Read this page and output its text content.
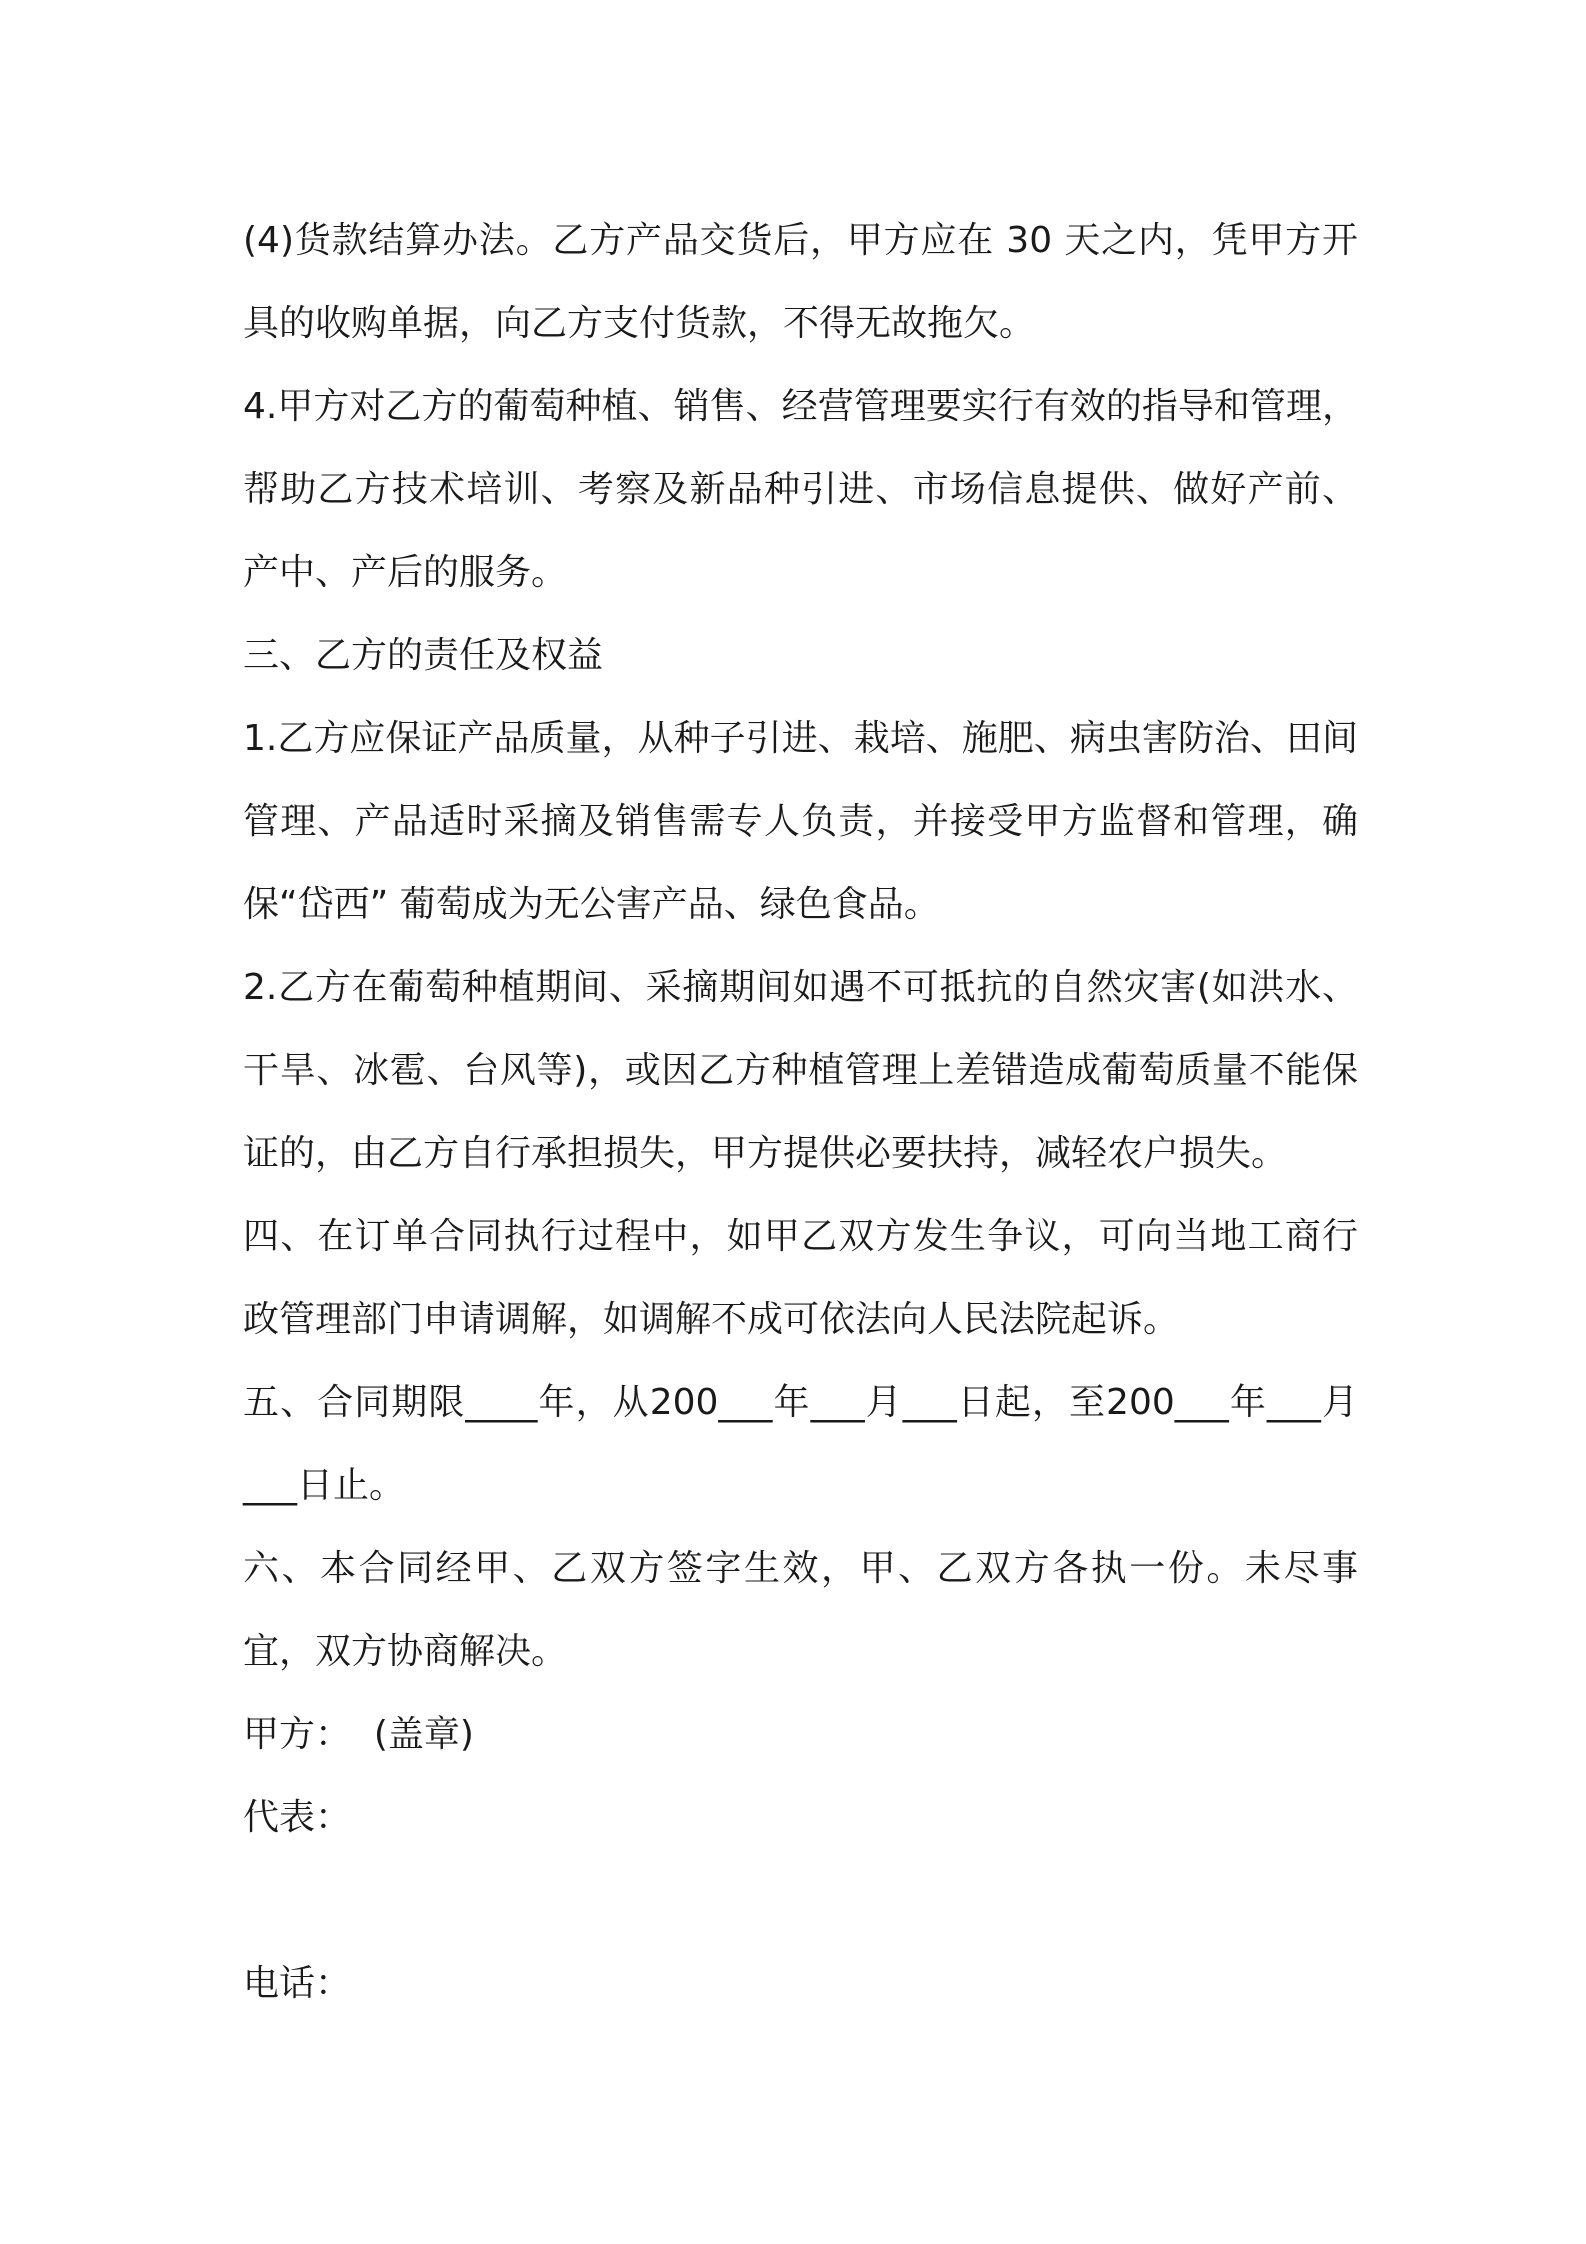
(4)货款结算办法。乙方产品交货后，甲方应在 30 天之内，凭甲方开具的收购单据，向乙方支付货款，不得无故拖欠。

4.甲方对乙方的葡萄种植、销售、经营管理要实行有效的指导和管理，帮助乙方技术培训、考察及新品种引进、市场信息提供、做好产前、产中、产后的服务。

三、乙方的责任及权益

1.乙方应保证产品质量，从种子引进、栽培、施肥、病虫害防治、田间管理、产品适时采摘及销售需专人负责，并接受甲方监督和管理，确保“岱西” 葡萄成为无公害产品、绿色食品。

2.乙方在葡萄种植期间、采摘期间如遇不可抵抗的自然灾害(如洪水、干旱、冰雹、台风等)，或因乙方种植管理上差错造成葡萄质量不能保证的，由乙方自行承担损失，甲方提供必要扶持，减轻农户损失。

四、在订单合同执行过程中，如甲乙双方发生争议，可向当地工商行政管理部门申请调解，如调解不成可依法向人民法院起诉。

五、合同期限____年，从200___年___月___日起，至200___年___月___日止。

六、本合同经甲、乙双方签字生效，甲、乙双方各执一份。未尽事宜，双方协商解决。

甲方：  (盖章)

代表：

电话：
